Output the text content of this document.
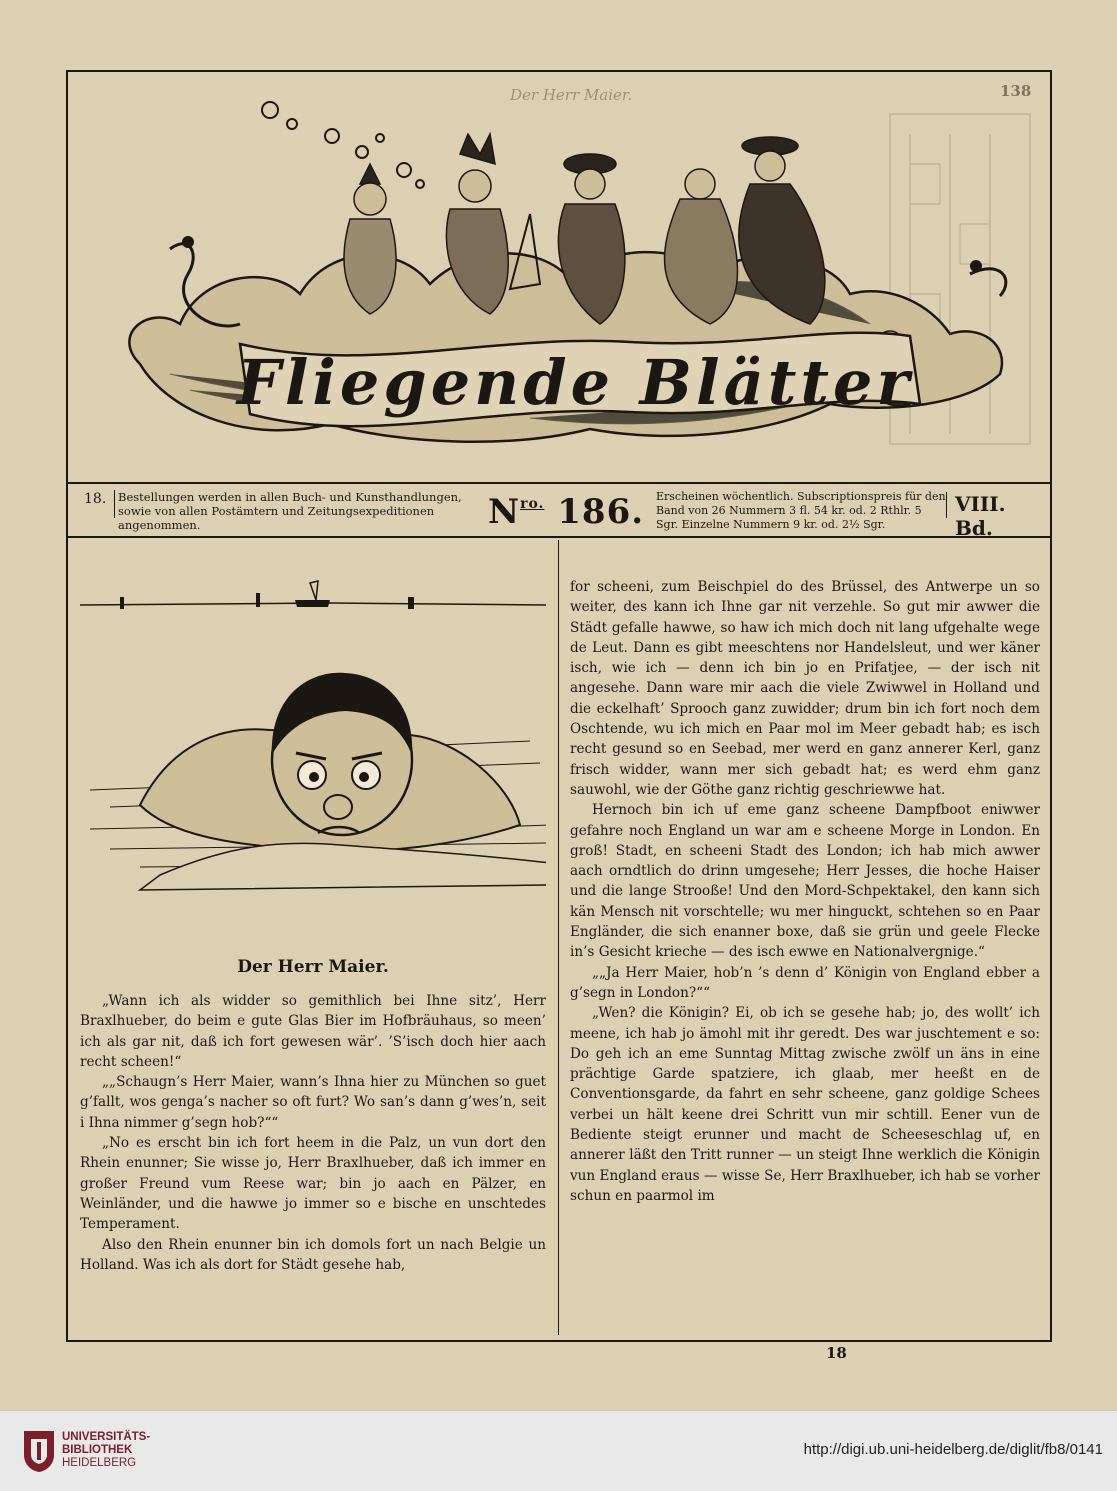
Der Herr Maier.	138
Fliegende Blätter
18. Bestellungen werden in allen Buch- und Kunsthandlungen, sowie von allen Postämtern und Zeitungsexpeditionen angenommen.	$N^{ro.}$ 186. Erscheinen wöchentlich. Subscriptionspreis für den Band von 26 Nummern 3 fl. 54 kr. od. 2 Rthlr. 5 Sgr. Einzelne Nummern 9 kr. od. 2½ Sgr.
VIII. Bd.
Der Herr Maier.

„Wann ich als widder so gemithlich bei Ihne sitz’, Herr Braxlhueber, do beim e gute Glas Bier im Hofbräuhaus, so meen’ ich als gar nit, daß ich fort gewesen wär’. ’S’isch doch hier aach recht scheen!“

„„Schaugn’s Herr Maier, wann’s Ihna hier zu München so guet g’fallt, wos genga’s nacher so oft furt? Wo san’s dann g’wes’n, seit i Ihna nimmer g’segn hob?““

„No es erscht bin ich fort heem in die Palz, un vun dort den Rhein enunner; Sie wisse jo, Herr Braxlhueber, daß ich immer en großer Freund vum Reese war; bin jo aach en Pälzer, en Weinländer, und die hawwe jo immer so e bische en unschtedes Temperament.

Also den Rhein enunner bin ich domols fort un nach Belgie un Holland. Was ich als dort for Städt gesehe hab,

for scheeni, zum Beischpiel do des Brüssel, des Antwerpe un so weiter, des kann ich Ihne gar nit verzehle. So gut mir awwer die Städt gefalle hawwe, so haw ich mich doch nit lang ufgehalte wege de Leut. Dann es gibt meeschtens nor Handelsleut, und wer käner isch, wie ich — denn ich bin jo en Prifatjee, — der isch nit angesehe. Dann ware mir aach die viele Zwiwwel in Holland und die eckelhaft’ Sprooch ganz zuwidder; drum bin ich fort noch dem Oschtende, wu ich mich en Paar mol im Meer gebadt hab; es isch recht gesund so en Seebad, mer werd en ganz annerer Kerl, ganz frisch widder, wann mer sich gebadt hat; es werd ehm ganz sauwohl, wie der Göthe ganz richtig geschriewwe hat.

Hernoch bin ich uf eme ganz scheene Dampfboot eniwwer gefahre noch England un war am e scheene Morge in London. En groß! Stadt, en scheeni Stadt des London; ich hab mich awwer aach orndtlich do drinn umgesehe; Herr Jesses, die hoche Haiser und die lange Strooße! Und den Mord-Schpektakel, den kann sich kän Mensch nit vorschtelle; wu mer hinguckt, schtehen so en Paar Engländer, die sich enanner boxe, daß sie grün und geele Flecke in’s Gesicht krieche — des isch ewwe en Nationalvergnige.“

„„Ja Herr Maier, hob’n ’s denn d’ Königin von England ebber a g’segn in London?““

„Wen? die Königin? Ei, ob ich se gesehe hab; jo, des wollt’ ich meene, ich hab jo ämohl mit ihr geredt. Des war juschtement e so: Do geh ich an eme Sunntag Mittag zwische zwölf un äns in eine prächtige Garde spatziere, ich glaab, mer heeßt en de Conventionsgarde, da fahrt en sehr scheene, ganz goldige Schees verbei un hält keene drei Schritt vun mir schtill. Eener vun de Bediente steigt erunner und macht de Scheeseschlag uf, en annerer läßt den Tritt runner — un steigt Ihne werklich die Königin vun England eraus — wisse Se, Herr Braxlhueber, ich hab se vorher schun en paarmol im

18
UNIVERSITÄTS-
BIBLIOTHEK
HEIDELBERG
http://digi.ub.uni-heidelberg.de/diglit/fb8/0141
